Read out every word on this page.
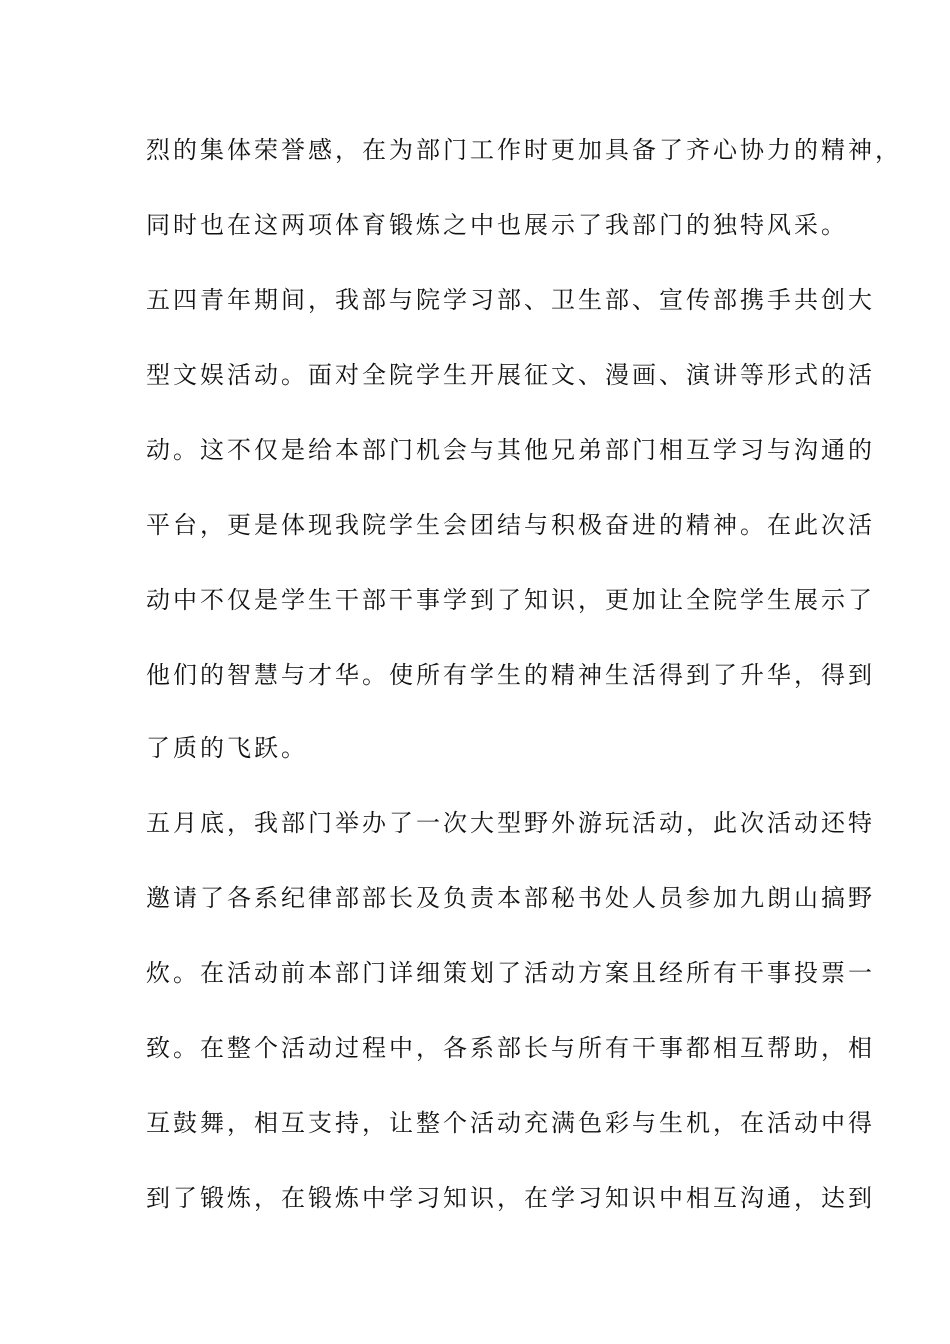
烈的集体荣誉感，在为部门工作时更加具备了齐心协力的精神，
同时也在这两项体育锻炼之中也展示了我部门的独特风采。
五四青年期间，我部与院学习部、卫生部、宣传部携手共创大
型文娱活动。面对全院学生开展征文、漫画、演讲等形式的活
动。这不仅是给本部门机会与其他兄弟部门相互学习与沟通的
平台，更是体现我院学生会团结与积极奋进的精神。在此次活
动中不仅是学生干部干事学到了知识，更加让全院学生展示了
他们的智慧与才华。使所有学生的精神生活得到了升华，得到
了质的飞跃。
五月底，我部门举办了一次大型野外游玩活动，此次活动还特
邀请了各系纪律部部长及负责本部秘书处人员参加九朗山搞野
炊。在活动前本部门详细策划了活动方案且经所有干事投票一
致。在整个活动过程中，各系部长与所有干事都相互帮助，相
互鼓舞，相互支持，让整个活动充满色彩与生机，在活动中得
到了锻炼，在锻炼中学习知识，在学习知识中相互沟通，达到
